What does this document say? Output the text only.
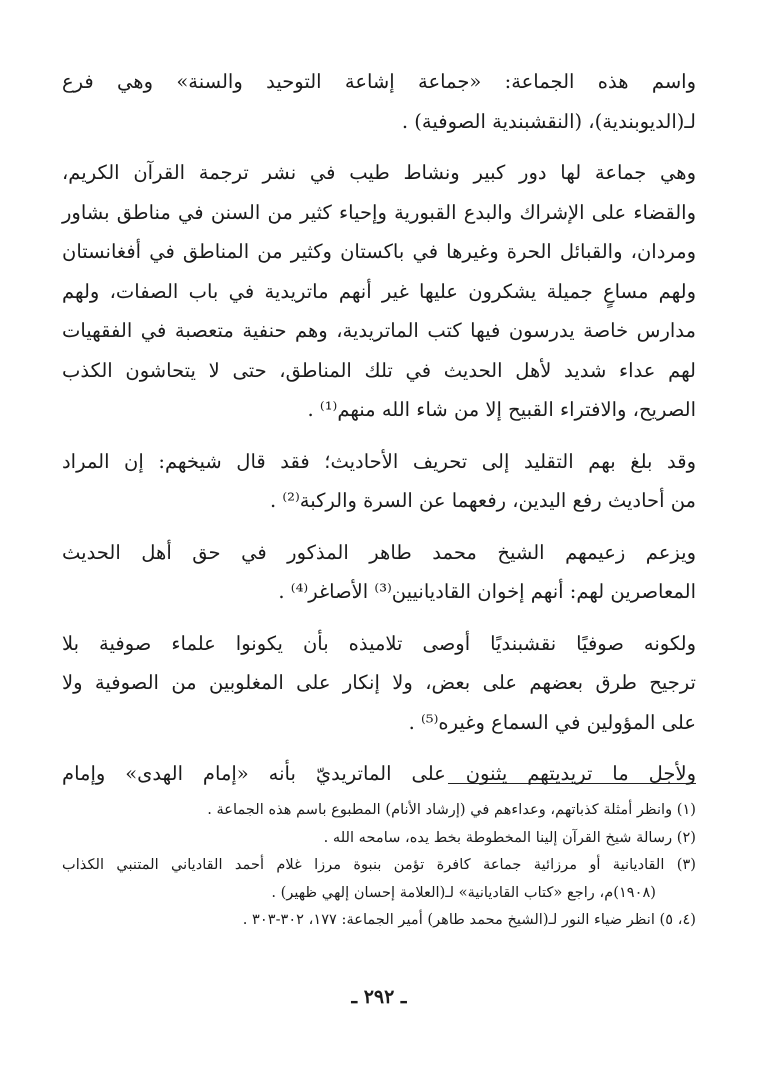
واسم هذه الجماعة: «جماعة إشاعة التوحيد والسنة» وهي فرع
لـ(الديوبندية)، (النقشبندية الصوفية) .

وهي جماعة لها دور كبير ونشاط طيب في نشر ترجمة القرآن الكريم،
والقضاء على الإشراك والبدع القبورية وإحياء كثير من السنن في مناطق بشاور
ومردان، والقبائل الحرة وغيرها في باكستان وكثير من المناطق في أفغانستان
ولهم مساعٍ جميلة يشكرون عليها غير أنهم ماتريدية في باب الصفات، ولهم
مدارس خاصة يدرسون فيها كتب الماتريدية، وهم حنفية متعصبة في الفقهيات
لهم عداء شديد لأهل الحديث في تلك المناطق، حتى لا يتحاشون الكذب
الصريح، والافتراء القبيح إلا من شاء الله منهم⁽¹⁾ .

وقد بلغ بهم التقليد إلى تحريف الأحاديث؛ فقد قال شيخهم: إن المراد
من أحاديث رفع اليدين، رفعهما عن السرة والركبة⁽²⁾ .

ويزعم زعيمهم الشيخ محمد طاهر المذكور في حق أهل الحديث
المعاصرين لهم: أنهم إخوان القاديانيين⁽³⁾ الأصاغر⁽⁴⁾ .

ولكونه صوفيًا نقشبنديًا أوصى تلاميذه بأن يكونوا علماء صوفية بلا
ترجيح طرق بعضهم على بعض، ولا إنكار على المغلوبين من الصوفية ولا
على المؤولين في السماع وغيره⁽⁵⁾ .

ولأجل ما تريديتهم يثنون على الماتريديّ بأنه «إمام الهدى» وإمام

(١) وانظر أمثلة كذباتهم، وعداءهم في (إرشاد الأنام) المطبوع باسم هذه الجماعة .
(٢) رسالة شيخ القرآن إلينا المخطوطة بخط يده، سامحه الله .
(٣) القاديانية أو مرزائية جماعة كافرة تؤمن بنبوة مرزا غلام أحمد القادياني المتنبي الكذاب
(١٩٠٨)م، راجع «كتاب القاديانية» لـ(العلامة إحسان إلهي ظهير) .
(٤، ٥) انظر ضياء النور لـ(الشيخ محمد طاهر) أمير الجماعة: ١٧٧، ٣٠٢-٣٠٣ .
ـ ٢٩٢ ـ
